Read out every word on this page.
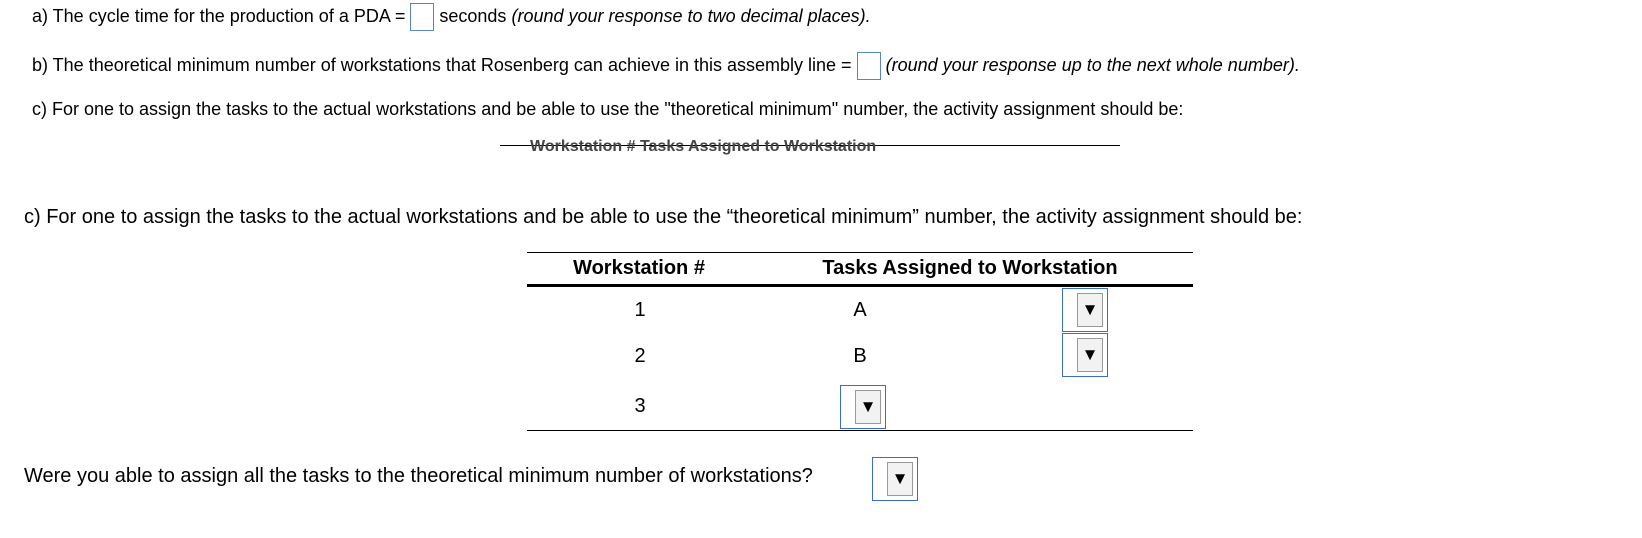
a) The cycle time for the production of a PDA = seconds (round your response to two decimal places).
b) The theoretical minimum number of workstations that Rosenberg can achieve in this assembly line = (round your response up to the next whole number).
c) For one to assign the tasks to the actual workstations and be able to use the "theoretical minimum" number, the activity assignment should be:
Workstation # Tasks Assigned to Workstation
c) For one to assign the tasks to the actual workstations and be able to use the “theoretical minimum” number, the activity assignment should be:
Workstation #	Tasks Assigned to Workstation
1	A	▼
2	B	▼
3	▼
Were you able to assign all the tasks to the theoretical minimum number of workstations?	▼
